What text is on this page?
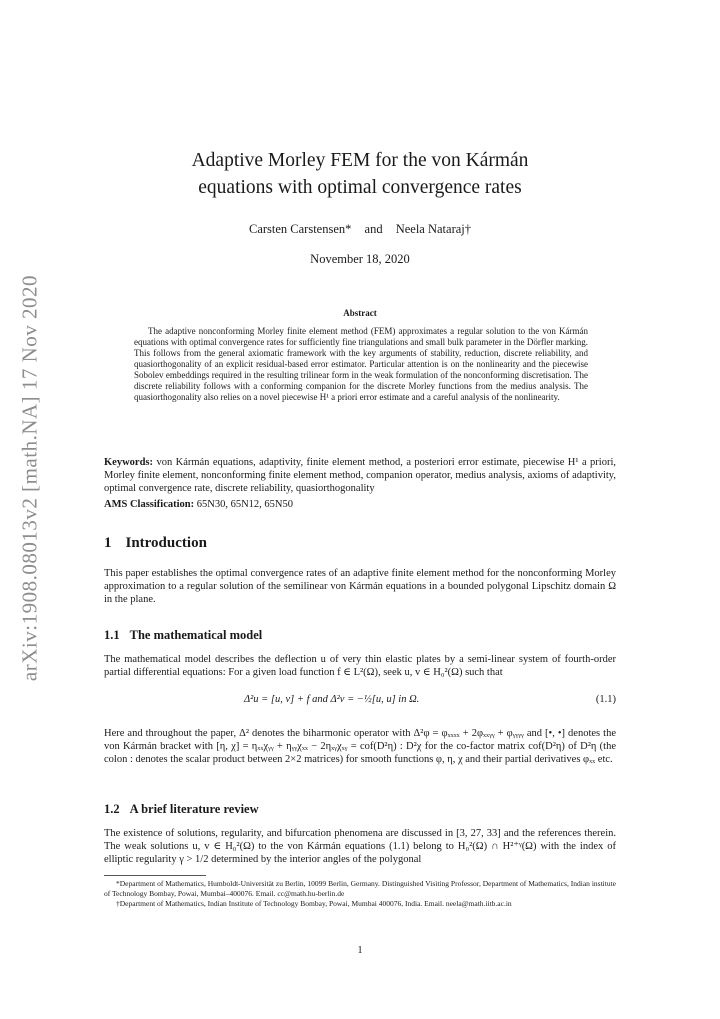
arXiv:1908.08013v2 [math.NA] 17 Nov 2020
Adaptive Morley FEM for the von Kármán
equations with optimal convergence rates
Carsten Carstensen* and Neela Nataraj†
November 18, 2020
Abstract

The adaptive nonconforming Morley finite element method (FEM) approximates a regular solution to the von Kármán equations with optimal convergence rates for sufficiently fine triangulations and small bulk parameter in the Dörfler marking. This follows from the general axiomatic framework with the key arguments of stability, reduction, discrete reliability, and quasiorthogonality of an explicit residual-based error estimator. Particular attention is on the nonlinearity and the piecewise Sobolev embeddings required in the resulting trilinear form in the weak formulation of the nonconforming discretisation. The discrete reliability follows with a conforming companion for the discrete Morley functions from the medius analysis. The quasiorthogonality also relies on a novel piecewise H¹ a priori error estimate and a careful analysis of the nonlinearity.

Keywords: von Kármán equations, adaptivity, finite element method, a posteriori error estimate, piecewise H¹ a priori, Morley finite element, nonconforming finite element method, companion operator, medius analysis, axioms of adaptivity, optimal convergence rate, discrete reliability, quasiorthogonality

AMS Classification: 65N30, 65N12, 65N50

1 Introduction

This paper establishes the optimal convergence rates of an adaptive finite element method for the nonconforming Morley approximation to a regular solution of the semilinear von Kármán equations in a bounded polygonal Lipschitz domain Ω in the plane.

1.1 The mathematical model

The mathematical model describes the deflection u of very thin elastic plates by a semi-linear system of fourth-order partial differential equations: For a given load function f ∈ L²(Ω), seek u, v ∈ H₀²(Ω) such that

Δ²u = [u, v] + f and Δ²v = −½[u, u] in Ω.	(1.1)

Here and throughout the paper, Δ² denotes the biharmonic operator with Δ²φ = φₓₓₓₓ + 2φₓₓᵧᵧ + φᵧᵧᵧᵧ and [•, •] denotes the von Kármán bracket with [η, χ] = ηₓₓχᵧᵧ + ηᵧᵧχₓₓ − 2ηₓᵧχₓᵧ = cof(D²η) : D²χ for the co-factor matrix cof(D²η) of D²η (the colon : denotes the scalar product between 2×2 matrices) for smooth functions φ, η, χ and their partial derivatives φₓₓ etc.

1.2 A brief literature review

The existence of solutions, regularity, and bifurcation phenomena are discussed in [3, 27, 33] and the references therein. The weak solutions u, v ∈ H₀²(Ω) to the von Kármán equations (1.1) belong to H₀²(Ω) ∩ H²⁺ᵞ(Ω) with the index of elliptic regularity γ > 1/2 determined by the interior angles of the polygonal

*Department of Mathematics, Humboldt-Universität zu Berlin, 10099 Berlin, Germany. Distinguished Visiting Professor, Department of Mathematics, Indian institute of Technology Bombay, Powai, Mumbai–400076. Email. cc@math.hu-berlin.de

†Department of Mathematics, Indian Institute of Technology Bombay, Powai, Mumbai 400076, India. Email. neela@math.iitb.ac.in

1
